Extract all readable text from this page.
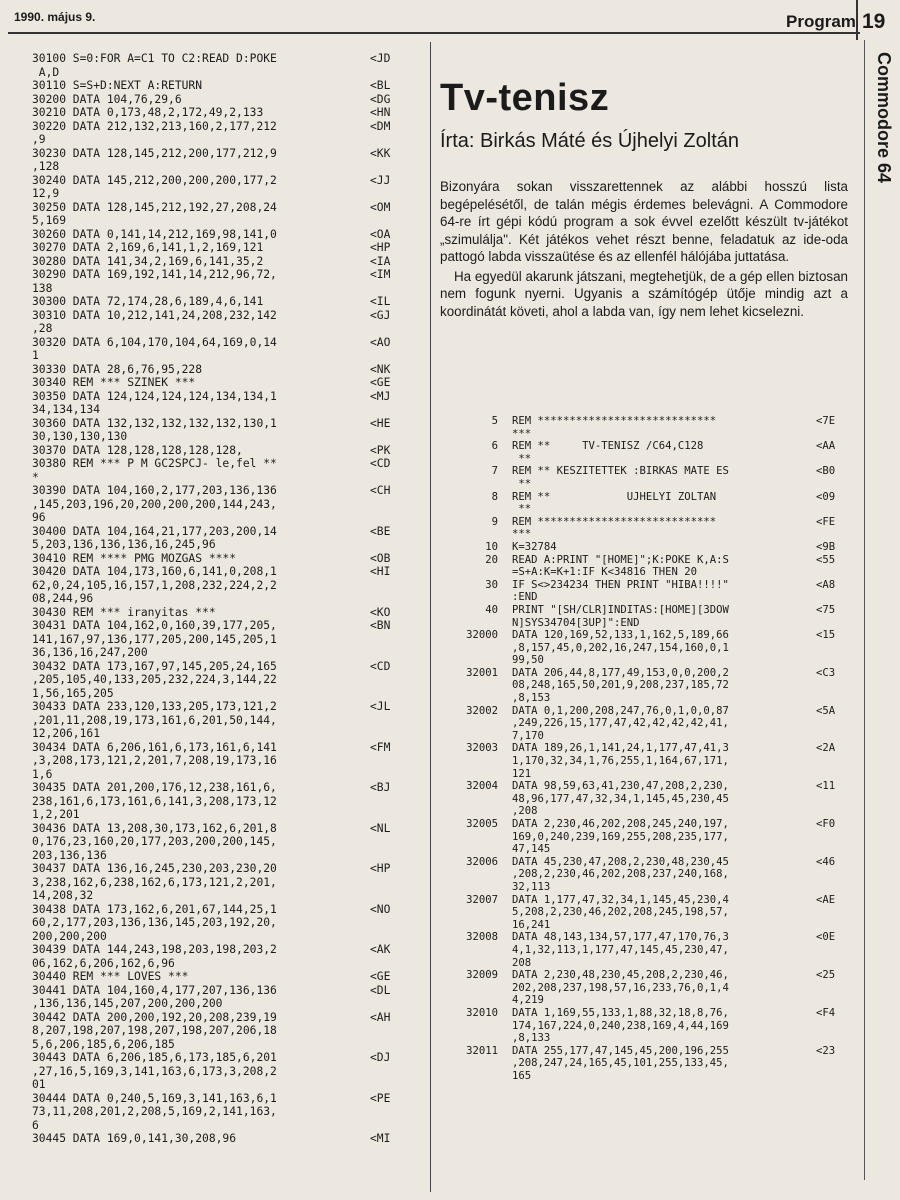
1990. május 9.	Program 19
Commodore 64
30100 S=0:FOR A=C1 TO C2:READ D:POKE	<JD
A,D
30110 S=S+D:NEXT A:RETURN	<BL
30200 DATA 104,76,29,6	<DG
30210 DATA 0,173,48,2,172,49,2,133	<HN
30220 DATA 212,132,213,160,2,177,212	<DM
,9
30230 DATA 128,145,212,200,177,212,9	<KK
,128
30240 DATA 145,212,200,200,200,177,2	<JJ
12,9
30250 DATA 128,145,212,192,27,208,24	<OM
5,169
30260 DATA 0,141,14,212,169,98,141,0	<OA
30270 DATA 2,169,6,141,1,2,169,121	<HP
30280 DATA 141,34,2,169,6,141,35,2	<IA
30290 DATA 169,192,141,14,212,96,72,	<IM
138
30300 DATA 72,174,28,6,189,4,6,141	<IL
30310 DATA 10,212,141,24,208,232,142	<GJ
,28
30320 DATA 6,104,170,104,64,169,0,14	<AO
1
30330 DATA 28,6,76,95,228	<NK
30340 REM *** SZINEK ***	<GE
30350 DATA 124,124,124,124,134,134,1	<MJ
34,134,134
30360 DATA 132,132,132,132,132,130,1	<HE
30,130,130,130
30370 DATA 128,128,128,128,128,	<PK
30380 REM *** P M GC2SPCJ- le,fel **	<CD
*
30390 DATA 104,160,2,177,203,136,136	<CH
,145,203,196,20,200,200,200,144,243,
96
30400 DATA 104,164,21,177,203,200,14	<BE
5,203,136,136,136,16,245,96
30410 REM **** PMG MOZGAS ****	<OB
30420 DATA 104,173,160,6,141,0,208,1	<HI
62,0,24,105,16,157,1,208,232,224,2,2
08,244,96
30430 REM *** iranyitas ***	<KO
30431 DATA 104,162,0,160,39,177,205,	<BN
141,167,97,136,177,205,200,145,205,1
36,136,16,247,200
30432 DATA 173,167,97,145,205,24,165	<CD
,205,105,40,133,205,232,224,3,144,22
1,56,165,205
30433 DATA 233,120,133,205,173,121,2	<JL
,201,11,208,19,173,161,6,201,50,144,
12,206,161
30434 DATA 6,206,161,6,173,161,6,141	<FM
,3,208,173,121,2,201,7,208,19,173,16
1,6
30435 DATA 201,200,176,12,238,161,6,	<BJ
238,161,6,173,161,6,141,3,208,173,12
1,2,201
30436 DATA 13,208,30,173,162,6,201,8	<NL
0,176,23,160,20,177,203,200,200,145,
203,136,136
30437 DATA 136,16,245,230,203,230,20	<HP
3,238,162,6,238,162,6,173,121,2,201,
14,208,32
30438 DATA 173,162,6,201,67,144,25,1	<NO
60,2,177,203,136,136,145,203,192,20,
200,200,200
30439 DATA 144,243,198,203,198,203,2	<AK
06,162,6,206,162,6,96
30440 REM *** LOVES ***	<GE
30441 DATA 104,160,4,177,207,136,136	<DL
,136,136,145,207,200,200,200
30442 DATA 200,200,192,20,208,239,19	<AH
8,207,198,207,198,207,198,207,206,18
5,6,206,185,6,206,185
30443 DATA 6,206,185,6,173,185,6,201	<DJ
,27,16,5,169,3,141,163,6,173,3,208,2
01
30444 DATA 0,240,5,169,3,141,163,6,1	<PE
73,11,208,201,2,208,5,169,2,141,163,
6
30445 DATA 169,0,141,30,208,96	<MI
Tv-tenisz
Írta: Birkás Máté és Újhelyi Zoltán

Bizonyára sokan visszarettennek az alábbi hosszú lista begépelésétől, de talán mégis érdemes belevágni. A Commodore 64-re írt gépi kódú program a sok évvel ezelőtt készült tv-játékot „szimulálja". Két játékos vehet részt benne, feladatuk az ide-oda pattogó labda visszaütése és az ellenfél hálójába juttatása.

Ha egyedül akarunk játszani, megtehetjük, de a gép ellen biztosan nem fogunk nyerni. Ugyanis a számítógép ütője mindig azt a koordinátát követi, ahol a labda van, így nem lehet kicselezni.

5 REM ****************************	<7E
***
6 REM **     TV-TENISZ /C64,C128	<AA
**
7 REM ** KESZITETTEK :BIRKAS MATE ES	<B0
**
8 REM **            UJHELYI ZOLTAN	<09
**
9 REM ****************************	<FE
***
10 K=32784	<9B
20 READ A:PRINT "[HOME]";K:POKE K,A:S	<55
=S+A:K=K+1:IF K<34816 THEN 20
30 IF S<>234234 THEN PRINT "HIBA!!!!"	<A8
:END
40 PRINT "[SH/CLR]INDITAS:[HOME][3DOW	<75
N]SYS34704[3UP]":END
32000 DATA 120,169,52,133,1,162,5,189,66	<15
,8,157,45,0,202,16,247,154,160,0,1
99,50
32001 DATA 206,44,8,177,49,153,0,0,200,2	<C3
08,248,165,50,201,9,208,237,185,72
,8,153
32002 DATA 0,1,200,208,247,76,0,1,0,0,87	<5A
,249,226,15,177,47,42,42,42,42,41,
7,170
32003 DATA 189,26,1,141,24,1,177,47,41,3	<2A
1,170,32,34,1,76,255,1,164,67,171,
121
32004 DATA 98,59,63,41,230,47,208,2,230,	<11
48,96,177,47,32,34,1,145,45,230,45
,208
32005 DATA 2,230,46,202,208,245,240,197,	<F0
169,0,240,239,169,255,208,235,177,
47,145
32006 DATA 45,230,47,208,2,230,48,230,45	<46
,208,2,230,46,202,208,237,240,168,
32,113
32007 DATA 1,177,47,32,34,1,145,45,230,4	<AE
5,208,2,230,46,202,208,245,198,57,
16,241
32008 DATA 48,143,134,57,177,47,170,76,3	<0E
4,1,32,113,1,177,47,145,45,230,47,
208
32009 DATA 2,230,48,230,45,208,2,230,46,	<25
202,208,237,198,57,16,233,76,0,1,4
4,219
32010 DATA 1,169,55,133,1,88,32,18,8,76,	<F4
174,167,224,0,240,238,169,4,44,169
,8,133
32011 DATA 255,177,47,145,45,200,196,255	<23
,208,247,24,165,45,101,255,133,45,
165
